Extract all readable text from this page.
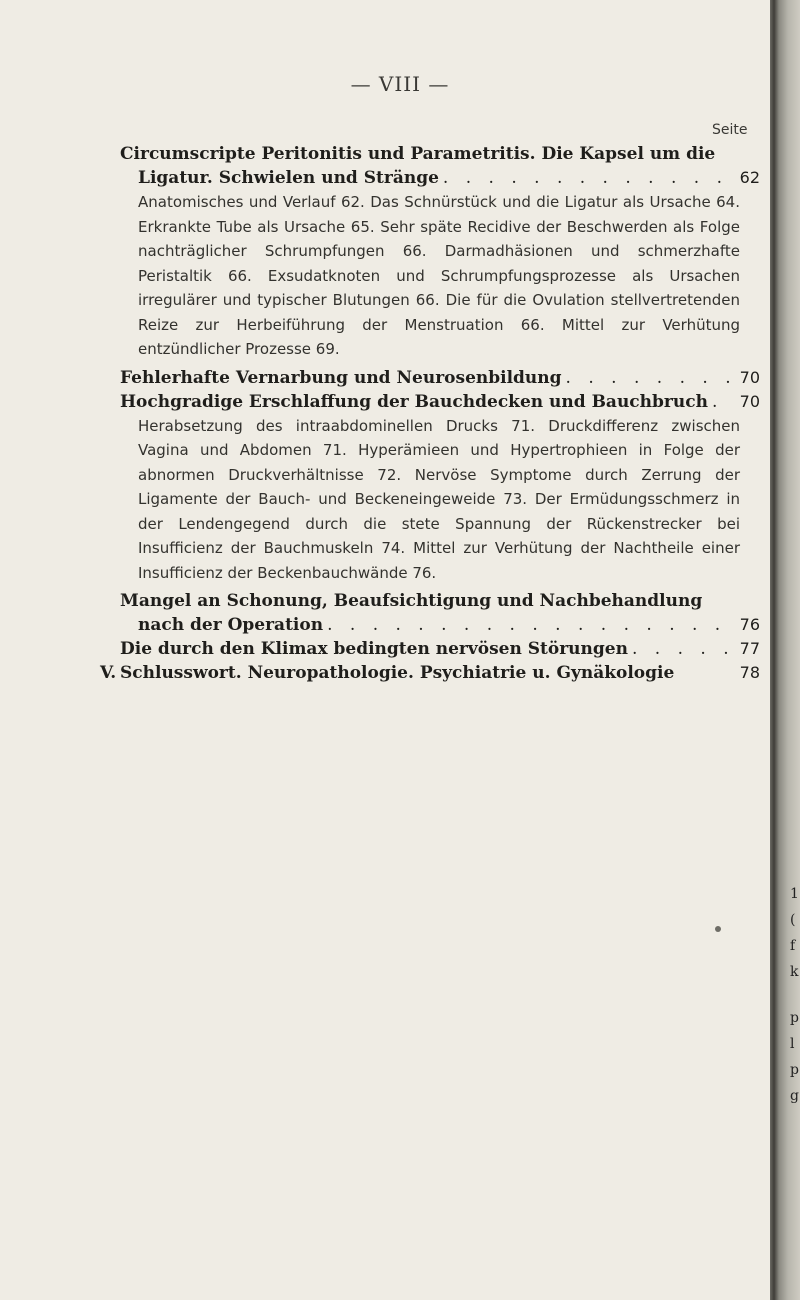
— VIII —
Seite
Circumscripte Peritonitis und Parametritis. Die Kapsel um die
Ligatur. Schwielen und Stränge . . .	62
Anatomisches und Verlauf 62. Das Schnürstück und die Ligatur als Ursache 64. Erkrankte Tube als Ursache 65. Sehr späte Recidive der Beschwerden als Folge nachträglicher Schrumpfungen 66. Darmadhäsionen und schmerzhafte Peristaltik 66. Exsudatknoten und Schrumpfungsprozesse als Ursachen irregulärer und typischer Blutungen 66. Die für die Ovulation stellvertretenden Reize zur Herbeiführung der Menstruation 66. Mittel zur Verhütung entzündlicher Prozesse 69.
Fehlerhafte Vernarbung und Neurosenbildung . . .	70
Hochgradige Erschlaffung der Bauchdecken und Bauchbruch . . . 70
Herabsetzung des intraabdominellen Drucks 71. Druckdifferenz zwischen Vagina und Abdomen 71. Hyperämieen und Hypertrophieen in Folge der abnormen Druckverhältnisse 72. Nervöse Symptome durch Zerrung der Ligamente der Bauch- und Beckeneingeweide 73. Der Ermüdungsschmerz in der Lendengegend durch die stete Spannung der Rückenstrecker bei Insufficienz der Bauchmuskeln 74. Mittel zur Verhütung der Nachtheile einer Insufficienz der Beckenbauchwände 76.
Mangel an Schonung, Beaufsichtigung und Nachbehandlung
nach der Operation . . .	76
Die durch den Klimax bedingten nervösen Störungen . . .	77
V. Schlusswort. Neuropathologie. Psychiatrie u. Gynäkologie	78
1
(
f
k
p
l
p
g
